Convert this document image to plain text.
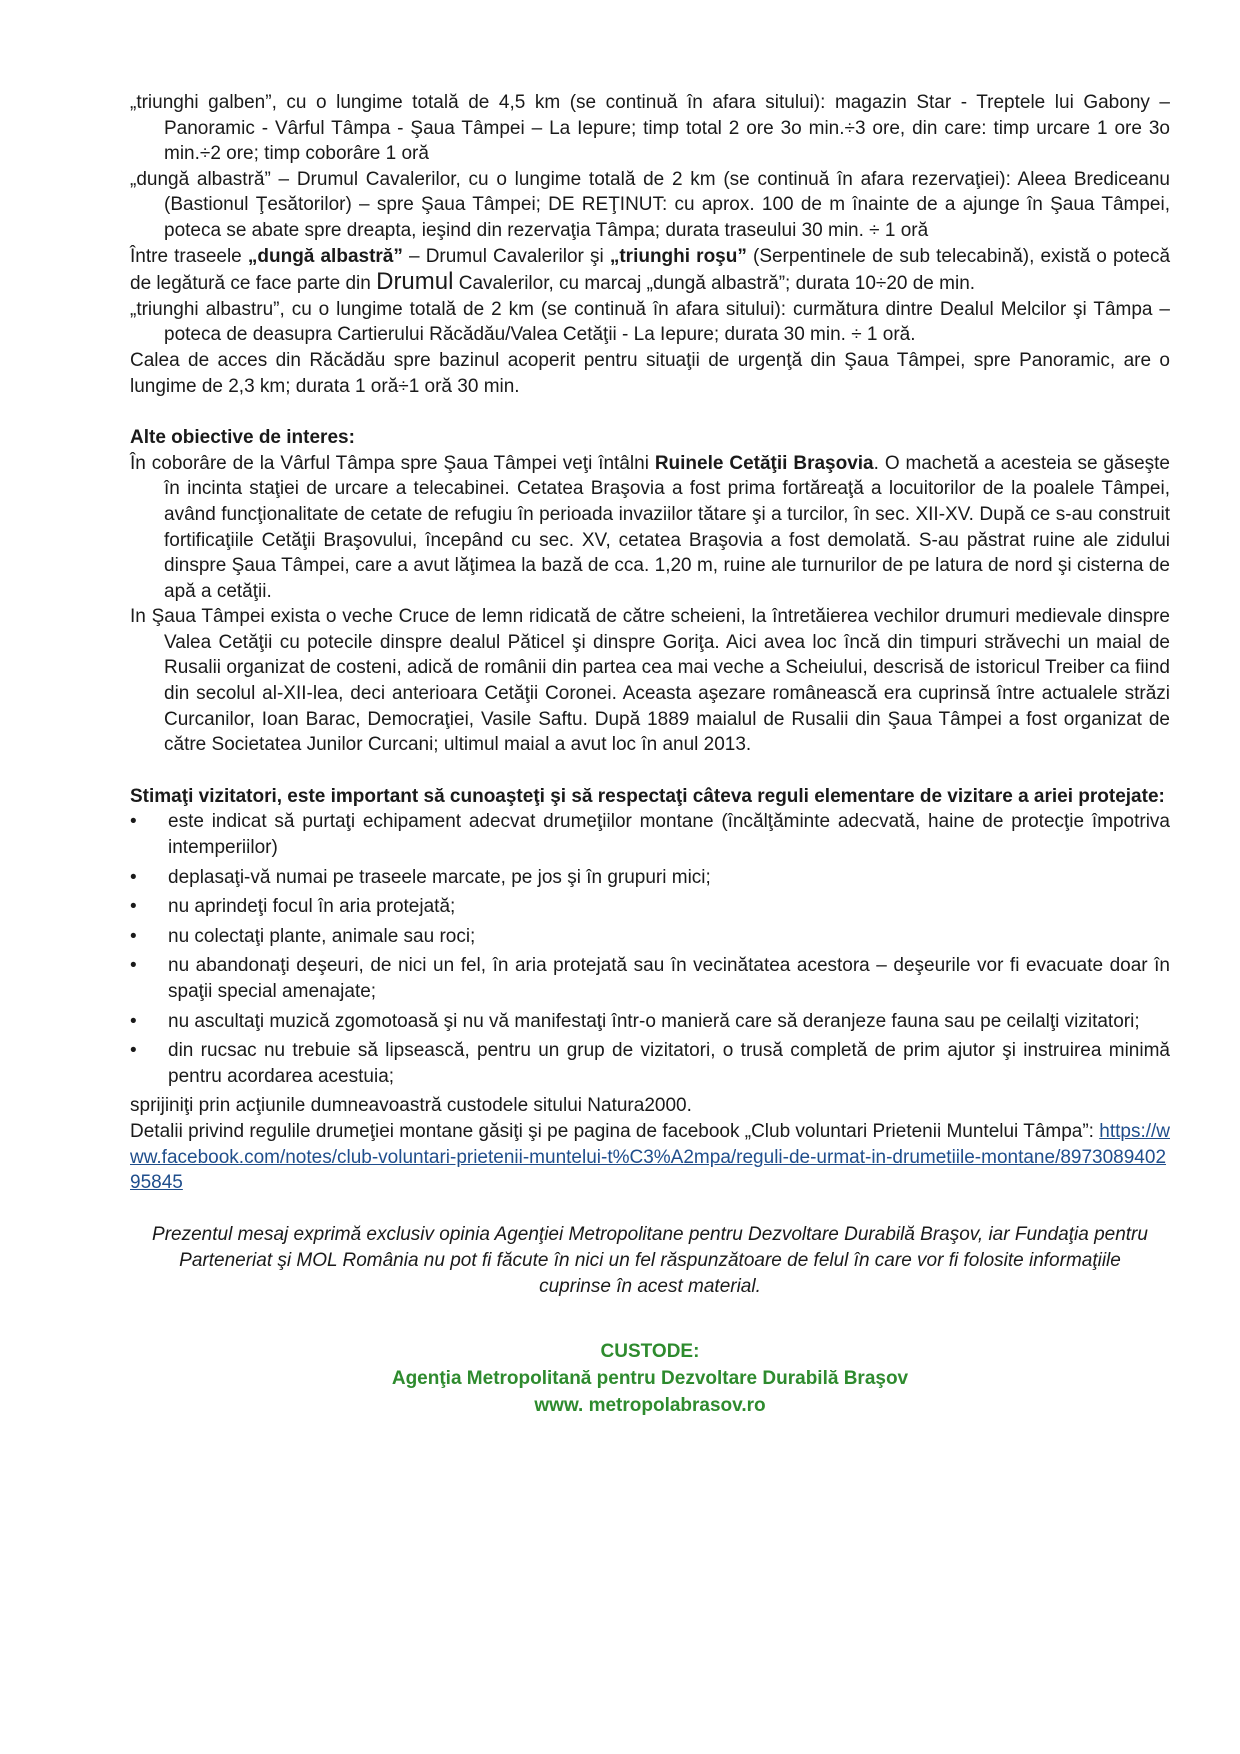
„triunghi galben”, cu o lungime totală de 4,5 km (se continuă în afara sitului): magazin Star - Treptele lui Gabony – Panoramic - Vârful Tâmpa - Şaua Tâmpei – La Iepure; timp total 2 ore 3o min.÷3 ore, din care: timp urcare 1 ore 3o min.÷2 ore; timp coborâre 1 oră

„dungă albastră” – Drumul Cavalerilor, cu o lungime totală de 2 km (se continuă în afara rezervaţiei): Aleea Brediceanu (Bastionul Ţesătorilor) – spre Şaua Tâmpei; DE REŢINUT: cu aprox. 100 de m înainte de a ajunge în Şaua Tâmpei, poteca se abate spre dreapta, ieşind din rezervaţia Tâmpa; durata traseului 30 min. ÷ 1 oră

Între traseele „dungă albastră” – Drumul Cavalerilor şi „triunghi roşu” (Serpentinele de sub telecabină), există o potecă de legătură ce face parte din Drumul Cavalerilor, cu marcaj „dungă albastră”; durata 10÷20 de min.

„triunghi albastru”, cu o lungime totală de 2 km (se continuă în afara sitului): curmătura dintre Dealul Melcilor şi Tâmpa – poteca de deasupra Cartierului Răcădău/Valea Cetăţii - La Iepure; durata 30 min. ÷ 1 oră.

Calea de acces din Răcădău spre bazinul acoperit pentru situaţii de urgenţă din Şaua Tâmpei, spre Panoramic, are o lungime de 2,3 km; durata 1 oră÷1 oră 30 min.

Alte obiective de interes:

În coborâre de la Vârful Tâmpa spre Şaua Tâmpei veţi întâlni Ruinele Cetăţii Braşovia. O machetă a acesteia se găseşte în incinta staţiei de urcare a telecabinei. Cetatea Braşovia a fost prima fortăreaţă a locuitorilor de la poalele Tâmpei, având funcţionalitate de cetate de refugiu în perioada invaziilor tătare şi a turcilor, în sec. XII-XV. După ce s-au construit fortificaţiile Cetăţii Braşovului, începând cu sec. XV, cetatea Braşovia a fost demolată. S-au păstrat ruine ale zidului dinspre Şaua Tâmpei, care a avut lăţimea la bază de cca. 1,20 m, ruine ale turnurilor de pe latura de nord şi cisterna de apă a cetăţii.

In Şaua Tâmpei exista o veche Cruce de lemn ridicată de către scheieni, la întretăierea vechilor drumuri medievale dinspre Valea Cetăţii cu potecile dinspre dealul Păticel şi dinspre Goriţa. Aici avea loc încă din timpuri străvechi un maial de Rusalii organizat de costeni, adică de românii din partea cea mai veche a Scheiului, descrisă de istoricul Treiber ca fiind din secolul al-XII-lea, deci anterioara Cetăţii Coronei. Aceasta aşezare românească era cuprinsă între actualele străzi Curcanilor, Ioan Barac, Democraţiei, Vasile Saftu. După 1889 maialul de Rusalii din Şaua Tâmpei a fost organizat de către Societatea Junilor Curcani; ultimul maial a avut loc în anul 2013.

Stimaţi vizitatori, este important să cunoaşteţi şi să respectaţi câteva reguli elementare de vizitare a ariei protejate:

•	este indicat să purtaţi echipament adecvat drumeţiilor montane (încălţăminte adecvată, haine de protecţie împotriva intemperiilor)
•	deplasaţi-vă numai pe traseele marcate, pe jos şi în grupuri mici;
•	nu aprindeţi focul în aria protejată;
•	nu colectaţi plante, animale sau roci;
•	nu abandonaţi deşeuri, de nici un fel, în aria protejată sau în vecinătatea acestora – deşeurile vor fi evacuate doar în spaţii special amenajate;
•	nu ascultaţi muzică zgomotoasă şi nu vă manifestaţi într-o manieră care să deranjeze fauna sau pe ceilalţi vizitatori;
•	din rucsac nu trebuie să lipsească, pentru un grup de vizitatori, o trusă completă de prim ajutor şi instruirea minimă pentru acordarea acestuia;

sprijiniţi prin acţiunile dumneavoastră custodele sitului Natura2000.

Detalii privind regulile drumeţiei montane găsiţi şi pe pagina de facebook „Club voluntari Prietenii Muntelui Tâmpa”: https://www.facebook.com/notes/club-voluntari-prietenii-muntelui-t%C3%A2mpa/reguli-de-urmat-in-drumetiile-montane/897308940295845

Prezentul mesaj exprimă exclusiv opinia Agenţiei Metropolitane pentru Dezvoltare Durabilă Braşov, iar Fundaţia pentru Parteneriat şi MOL România nu pot fi făcute în nici un fel răspunzătoare de felul în care vor fi folosite informaţiile cuprinse în acest material.

CUSTODE:
Agenţia Metropolitană pentru Dezvoltare Durabilă Braşov
www. metropolabrasov.ro
